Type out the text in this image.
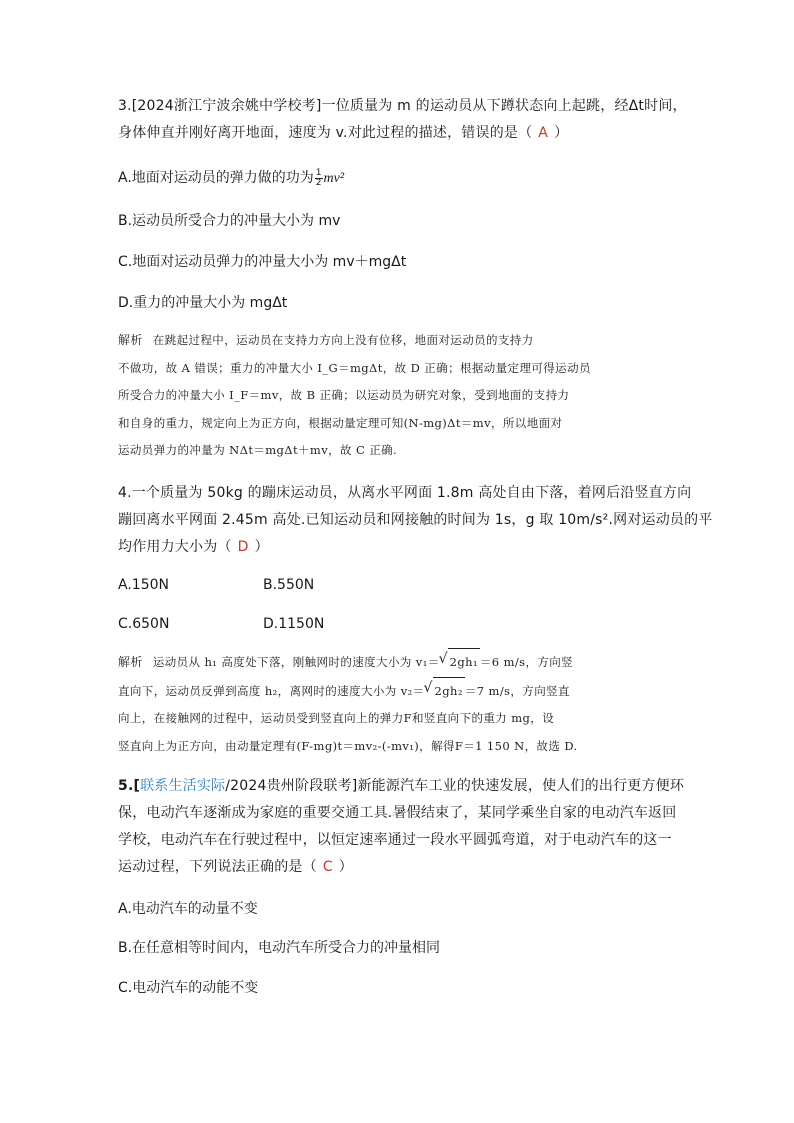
3.[2024浙江宁波余姚中学校考]一位质量为 m 的运动员从下蹲状态向上起跳，经Δt时间，
身体伸直并刚好离开地面，速度为 v.对此过程的描述，错误的是（ A ）
A.地面对运动员的弹力做的功为 $\frac{1}{2} mv^2$
B.运动员所受合力的冲量大小为 mv
C.地面对运动员弹力的冲量大小为 mv＋mgΔt
D.重力的冲量大小为 mgΔt
解析 在跳起过程中，运动员在支持力方向上没有位移，地面对运动员的支持力
不做功，故 A 错误；重力的冲量大小 I_G＝mgΔt，故 D 正确；根据动量定理可得运动员
所受合力的冲量大小 I_F＝mv，故 B 正确；以运动员为研究对象，受到地面的支持力
和自身的重力，规定向上为正方向，根据动量定理可知(N-mg)Δt＝mv，所以地面对
运动员弹力的冲量为 NΔt＝mgΔt＋mv，故 C 正确.
4.一个质量为 50kg 的蹦床运动员，从离水平网面 1.8m 高处自由下落，着网后沿竖直方向
蹦回离水平网面 2.45m 高处.已知运动员和网接触的时间为 1s，g 取 10m/s².网对运动员的平
均作用力大小为（ D ）
A.150N	B.550N
C.650N	D.1150N
解析 运动员从 h₁ 高度处下落，刚触网时的速度大小为 v₁＝ √ 2gh₁ ＝6 m/s，方向竖
直向下，运动员反弹到高度 h₂，离网时的速度大小为 v₂＝ √ 2gh₂ ＝7 m/s，方向竖直
向上，在接触网的过程中，运动员受到竖直向上的弹力F和竖直向下的重力 mg，设
竖直向上为正方向，由动量定理有(F-mg)t＝mv₂-(-mv₁)，解得F＝1 150 N，故选 D.
5.[联系生活实际/2024贵州阶段联考]新能源汽车工业的快速发展，使人们的出行更方便环
保，电动汽车逐渐成为家庭的重要交通工具.暑假结束了，某同学乘坐自家的电动汽车返回
学校，电动汽车在行驶过程中，以恒定速率通过一段水平圆弧弯道，对于电动汽车的这一
运动过程，下列说法正确的是（ C ）
A.电动汽车的动量不变
B.在任意相等时间内，电动汽车所受合力的冲量相同
C.电动汽车的动能不变
